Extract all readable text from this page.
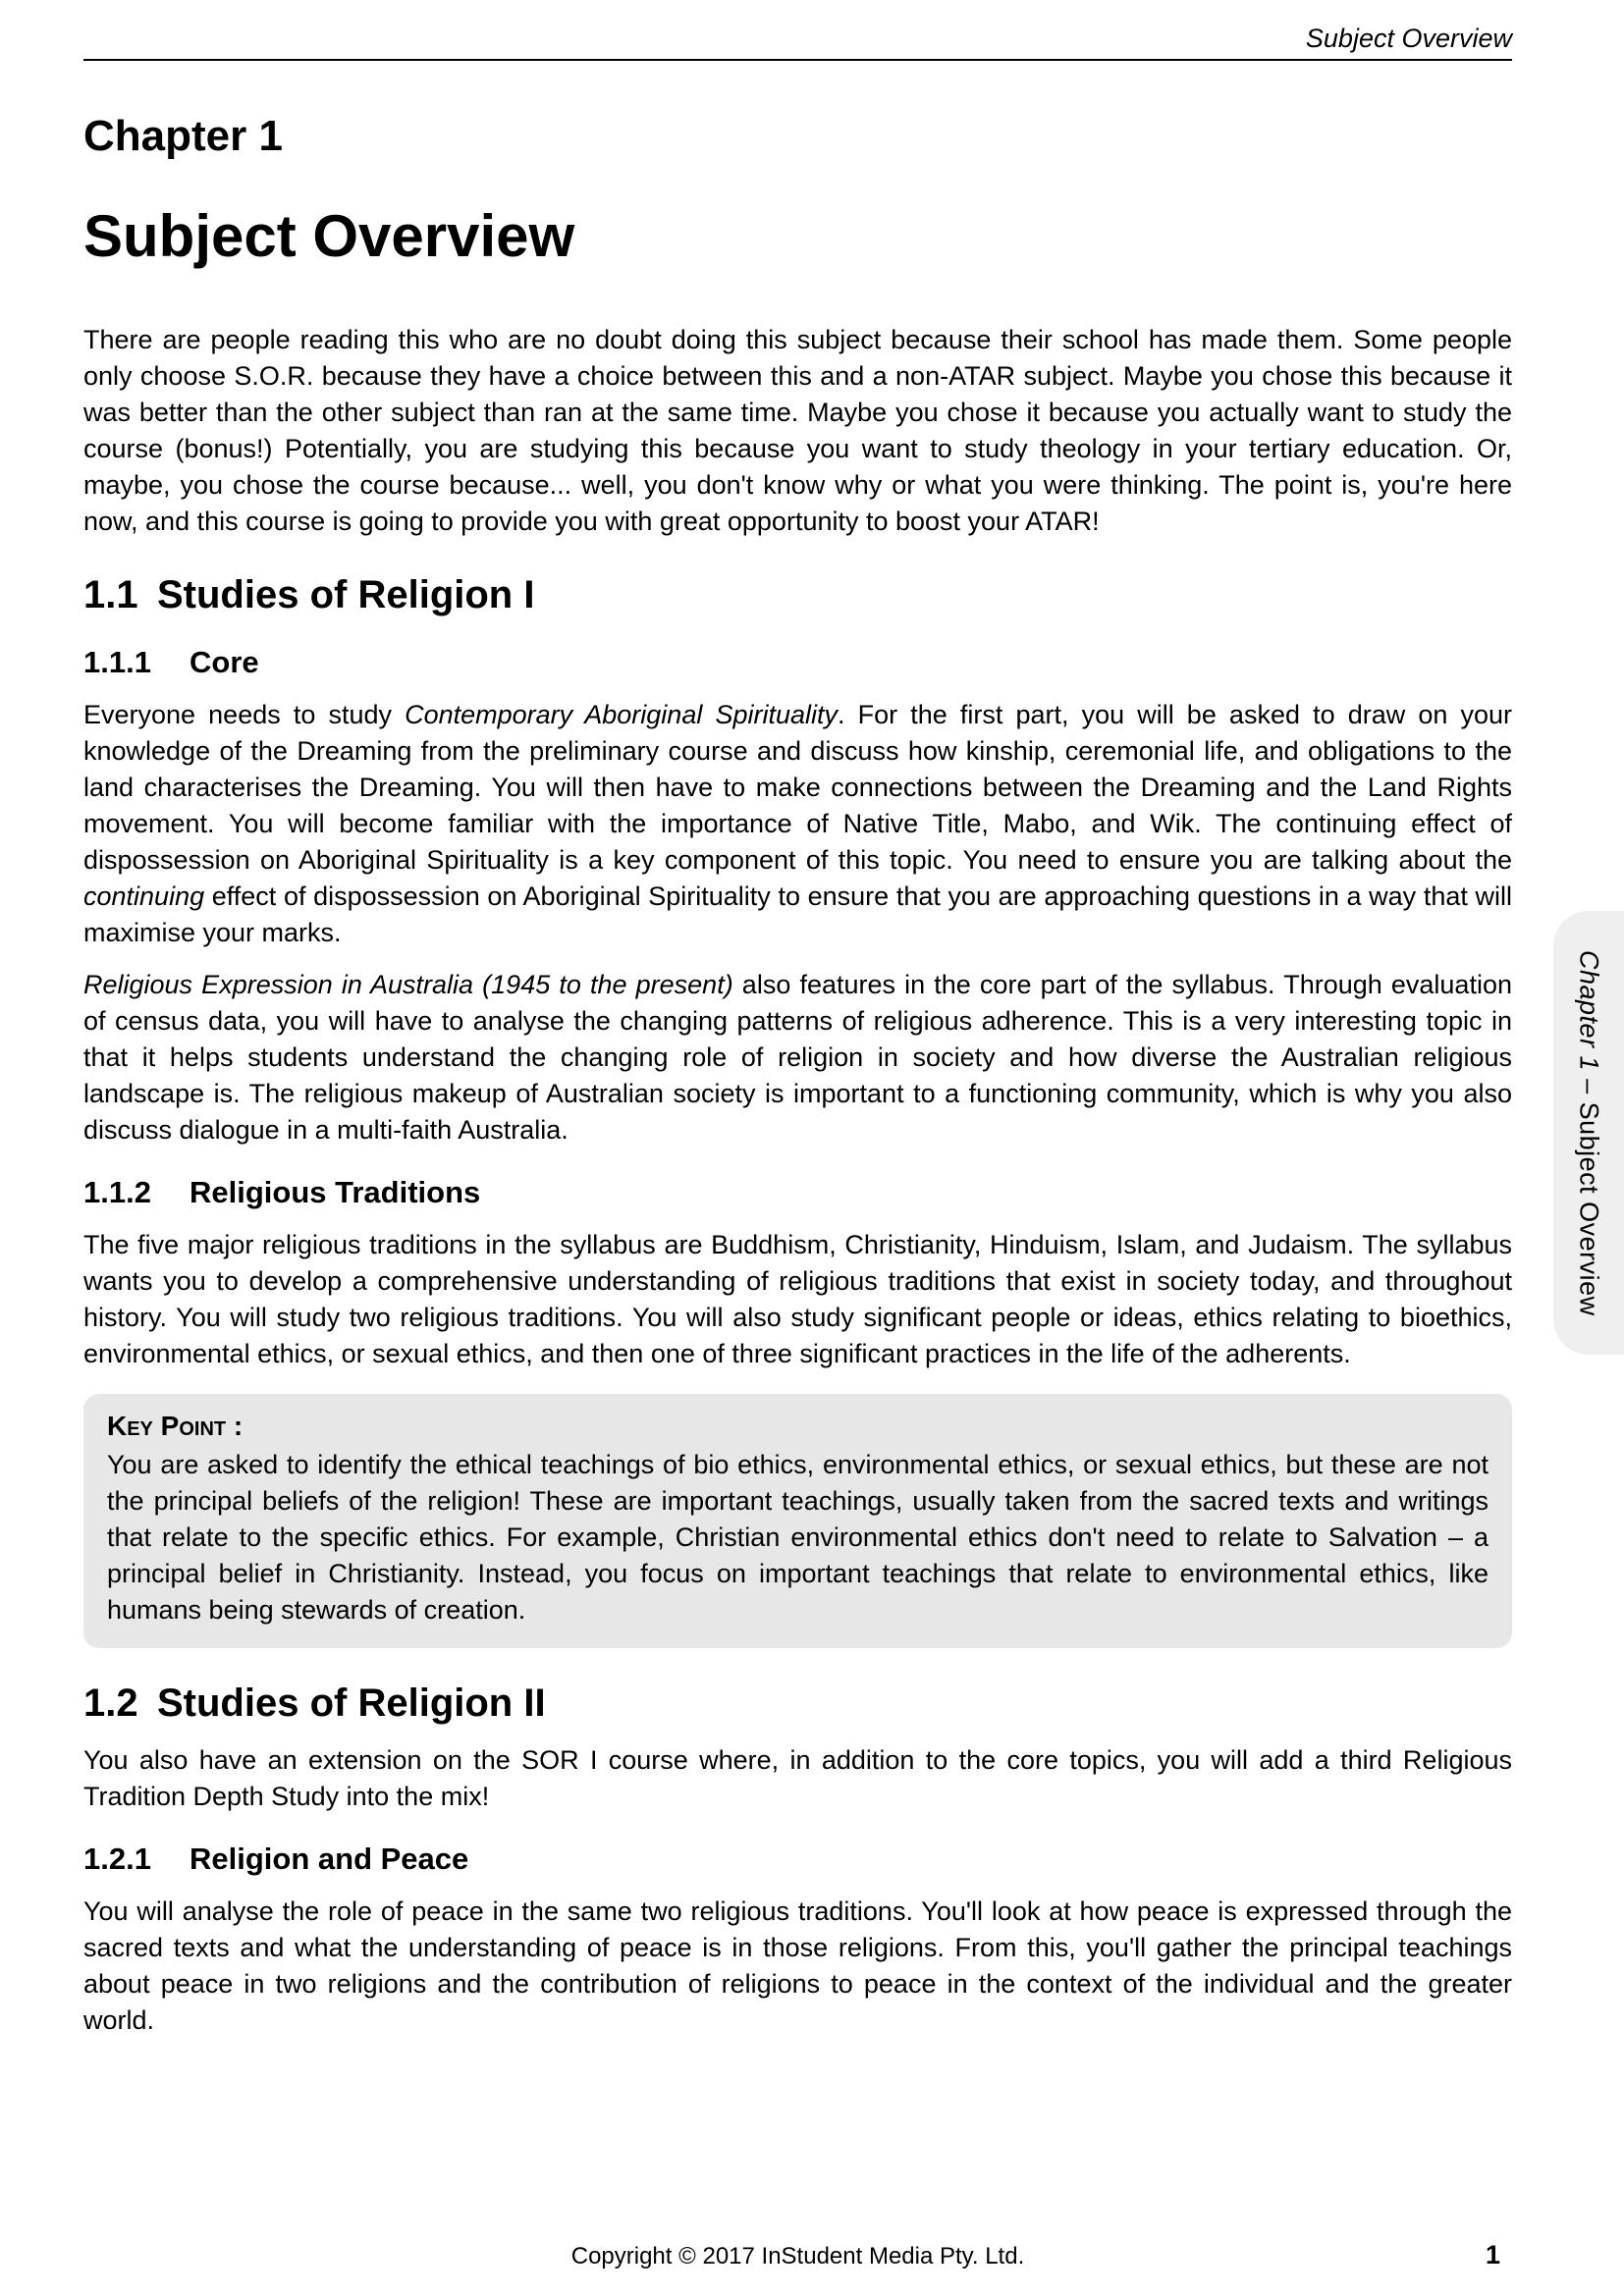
Subject Overview
Chapter 1
Subject Overview

There are people reading this who are no doubt doing this subject because their school has made them. Some people only choose S.O.R. because they have a choice between this and a non-ATAR subject. Maybe you chose this because it was better than the other subject than ran at the same time. Maybe you chose it because you actually want to study the course (bonus!) Potentially, you are studying this because you want to study theology in your tertiary education. Or, maybe, you chose the course because... well, you don't know why or what you were thinking. The point is, you're here now, and this course is going to provide you with great opportunity to boost your ATAR!

1.1 Studies of Religion I
1.1.1	Core

Everyone needs to study Contemporary Aboriginal Spirituality. For the first part, you will be asked to draw on your knowledge of the Dreaming from the preliminary course and discuss how kinship, ceremonial life, and obligations to the land characterises the Dreaming. You will then have to make connections between the Dreaming and the Land Rights movement. You will become familiar with the importance of Native Title, Mabo, and Wik. The continuing effect of dispossession on Aboriginal Spirituality is a key component of this topic. You need to ensure you are talking about the continuing effect of dispossession on Aboriginal Spirituality to ensure that you are approaching questions in a way that will maximise your marks.

Religious Expression in Australia (1945 to the present) also features in the core part of the syllabus. Through evaluation of census data, you will have to analyse the changing patterns of religious adherence. This is a very interesting topic in that it helps students understand the changing role of religion in society and how diverse the Australian religious landscape is. The religious makeup of Australian society is important to a functioning community, which is why you also discuss dialogue in a multi-faith Australia.

1.1.2	Religious Traditions

The five major religious traditions in the syllabus are Buddhism, Christianity, Hinduism, Islam, and Judaism. The syllabus wants you to develop a comprehensive understanding of religious traditions that exist in society today, and throughout history. You will study two religious traditions. You will also study significant people or ideas, ethics relating to bioethics, environmental ethics, or sexual ethics, and then one of three significant practices in the life of the adherents.

Key Point :

You are asked to identify the ethical teachings of bio ethics, environmental ethics, or sexual ethics, but these are not the principal beliefs of the religion! These are important teachings, usually taken from the sacred texts and writings that relate to the specific ethics. For example, Christian environmental ethics don't need to relate to Salvation – a principal belief in Christianity. Instead, you focus on important teachings that relate to environmental ethics, like humans being stewards of creation.

1.2 Studies of Religion II

You also have an extension on the SOR I course where, in addition to the core topics, you will add a third Religious Tradition Depth Study into the mix!

1.2.1	Religion and Peace

You will analyse the role of peace in the same two religious traditions. You'll look at how peace is expressed through the sacred texts and what the understanding of peace is in those religions. From this, you'll gather the principal teachings about peace in two religions and the contribution of religions to peace in the context of the individual and the greater world.

Chapter 1 – Subject Overview
Copyright © 2017 InStudent Media Pty. Ltd.	1
